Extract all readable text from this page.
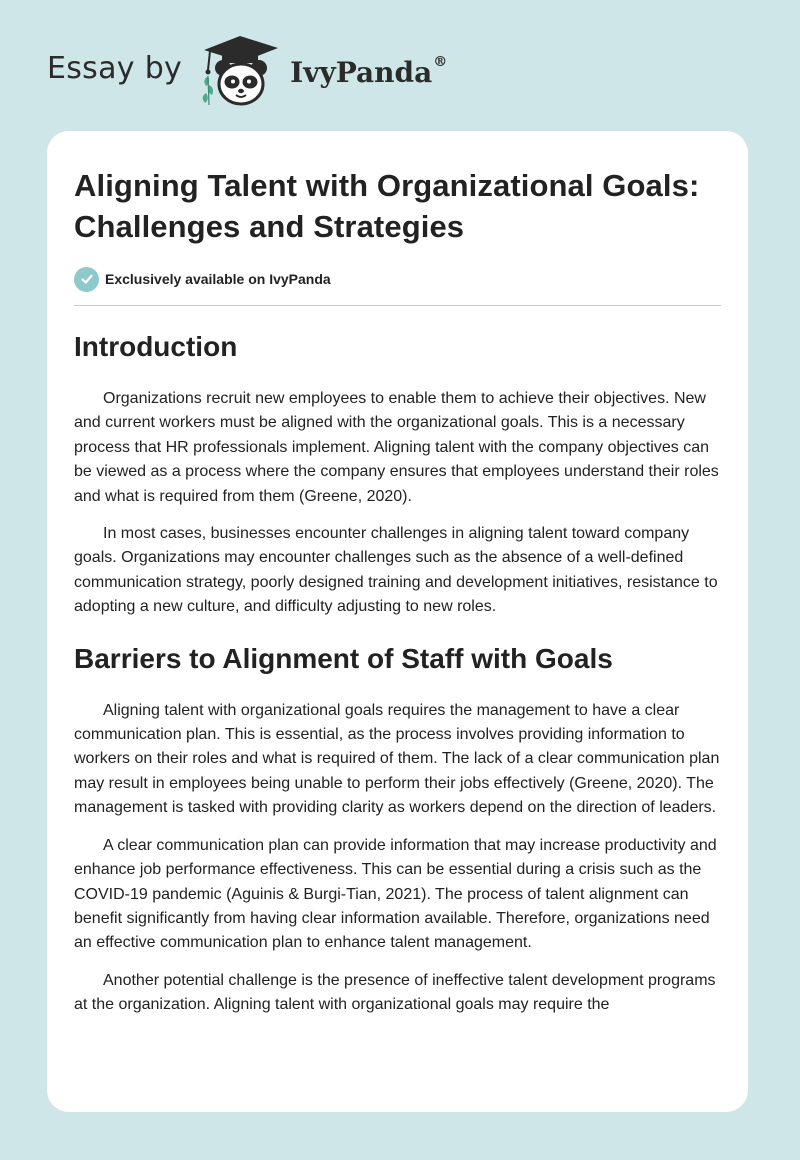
Essay by	IvyPanda®
Aligning Talent with Organizational Goals: Challenges and Strategies
Exclusively available on IvyPanda
Introduction

Organizations recruit new employees to enable them to achieve their objectives. New and current workers must be aligned with the organizational goals. This is a necessary process that HR professionals implement. Aligning talent with the company objectives can be viewed as a process where the company ensures that employees understand their roles and what is required from them (Greene, 2020).

In most cases, businesses encounter challenges in aligning talent toward company goals. Organizations may encounter challenges such as the absence of a well-defined communication strategy, poorly designed training and development initiatives, resistance to adopting a new culture, and difficulty adjusting to new roles.

Barriers to Alignment of Staff with Goals

Aligning talent with organizational goals requires the management to have a clear communication plan. This is essential, as the process involves providing information to workers on their roles and what is required of them. The lack of a clear communication plan may result in employees being unable to perform their jobs effectively (Greene, 2020). The management is tasked with providing clarity as workers depend on the direction of leaders.

A clear communication plan can provide information that may increase productivity and enhance job performance effectiveness. This can be essential during a crisis such as the COVID-19 pandemic (Aguinis & Burgi-Tian, 2021). The process of talent alignment can benefit significantly from having clear information available. Therefore, organizations need an effective communication plan to enhance talent management.

Another potential challenge is the presence of ineffective talent development programs at the organization. Aligning talent with organizational goals may require the
